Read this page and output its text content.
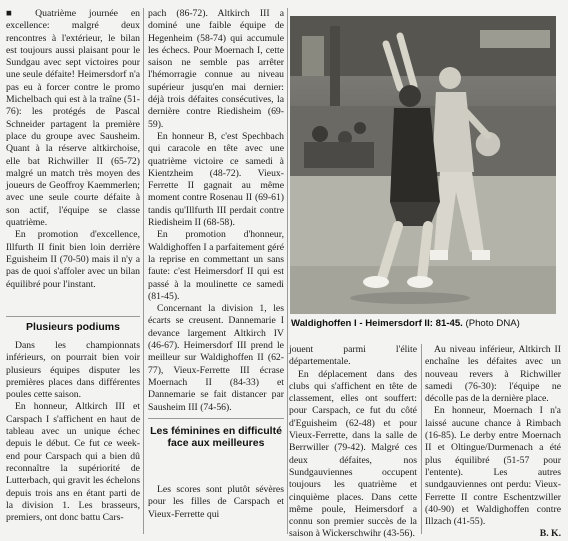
■ Quatrième journée en excellence: malgré deux rencontres à l'extérieur, le bilan est toujours aussi plaisant pour le Sundgau avec sept victoires pour une seule défaite! Heimersdorf n'a pas eu à forcer contre le promo Michelbach qui est à la traîne (51-76): les protégés de Pascal Schneider partagent la première place du groupe avec Sausheim. Quant à la réserve altkirchoise, elle bat Richwiller II (65-72) malgré un match très moyen des joueurs de Geoffroy Kaemmerlen; avec une seule courte défaite à son actif, l'équipe se classe quatrième.

En promotion d'excellence, Illfurth II finit bien loin derrière Eguisheim II (70-50) mais il n'y a pas de quoi s'affoler avec un bilan équilibré pour l'instant.

Plusieurs podiums

Dans les championnats inférieurs, on pourrait bien voir plusieurs équipes disputer les premières places dans différentes poules cette saison.

En honneur, Altkirch III et Carspach I s'affichent en haut de tableau avec un unique échec depuis le début. Ce fut ce week-end pour Carspach qui a bien dû reconnaître la supériorité de Lutterbach, qui gravit les échelons depuis trois ans en étant parti de la division 1. Les brasseurs, premiers, ont donc battu Cars-

pach (86-72). Altkirch III a dominé une faible équipe de Hegenheim (58-74) qui accumule les échecs. Pour Moernach I, cette saison ne semble pas arrêter l'hémorragie connue au niveau supérieur jusqu'en mai dernier: déjà trois défaites consécutives, la dernière contre Riedisheim (69-59).

En honneur B, c'est Spechbach qui caracole en tête avec une quatrième victoire ce samedi à Kientzheim (48-72). Vieux-Ferrette II gagnait au même moment contre Rosenau II (69-61) tandis qu'Illfurth III perdait contre Riedisheim II (68-58).

En promotion d'honneur, Waldighoffen I a parfaitement géré la reprise en commettant un sans faute: c'est Heimersdorf II qui est passé à la moulinette ce samedi (81-45).

Concernant la division 1, les écarts se creusent. Dannemarie I devance largement Altkirch IV (46-67). Heimersdorf III prend le meilleur sur Waldighoffen II (62-77), Vieux-Ferrette III écrase Moernach II (84-33) et Dannemarie se fait distancer par Sausheim III (74-56).

Les féminines en difficulté
face aux meilleures

Les scores sont plutôt sévères pour les filles de Carspach et Vieux-Ferrette qui

Waldighoffen I - Heimersdorf II: 81-45. (Photo DNA)

jouent parmi l'élite départementale.

En déplacement dans des clubs qui s'affichent en tête de classement, elles ont souffert: pour Carspach, ce fut du côté d'Eguisheim (62-48) et pour Vieux-Ferrette, dans la salle de Berrwiller (79-42). Malgré ces deux défaites, nos Sundgauviennes occupent toujours les quatrième et cinquième places. Dans cette même poule, Heimersdorf a connu son premier succès de la saison à Wickerschwihr (43-56).

Au niveau inférieur, Altkirch II enchaîne les défaites avec un nouveau revers à Richwiller samedi (76-30): l'équipe ne décolle pas de la dernière place.

En honneur, Moernach I n'a laissé aucune chance à Rimbach (16-85). Le derby entre Moernach II et Oltingue/Durmenach a été plus équilibré (51-57 pour l'entente). Les autres sundgauviennes ont perdu: Vieux-Ferrette II contre Eschentzwiller (40-90) et Waldighoffen contre Illzach (41-55).

B. K.
